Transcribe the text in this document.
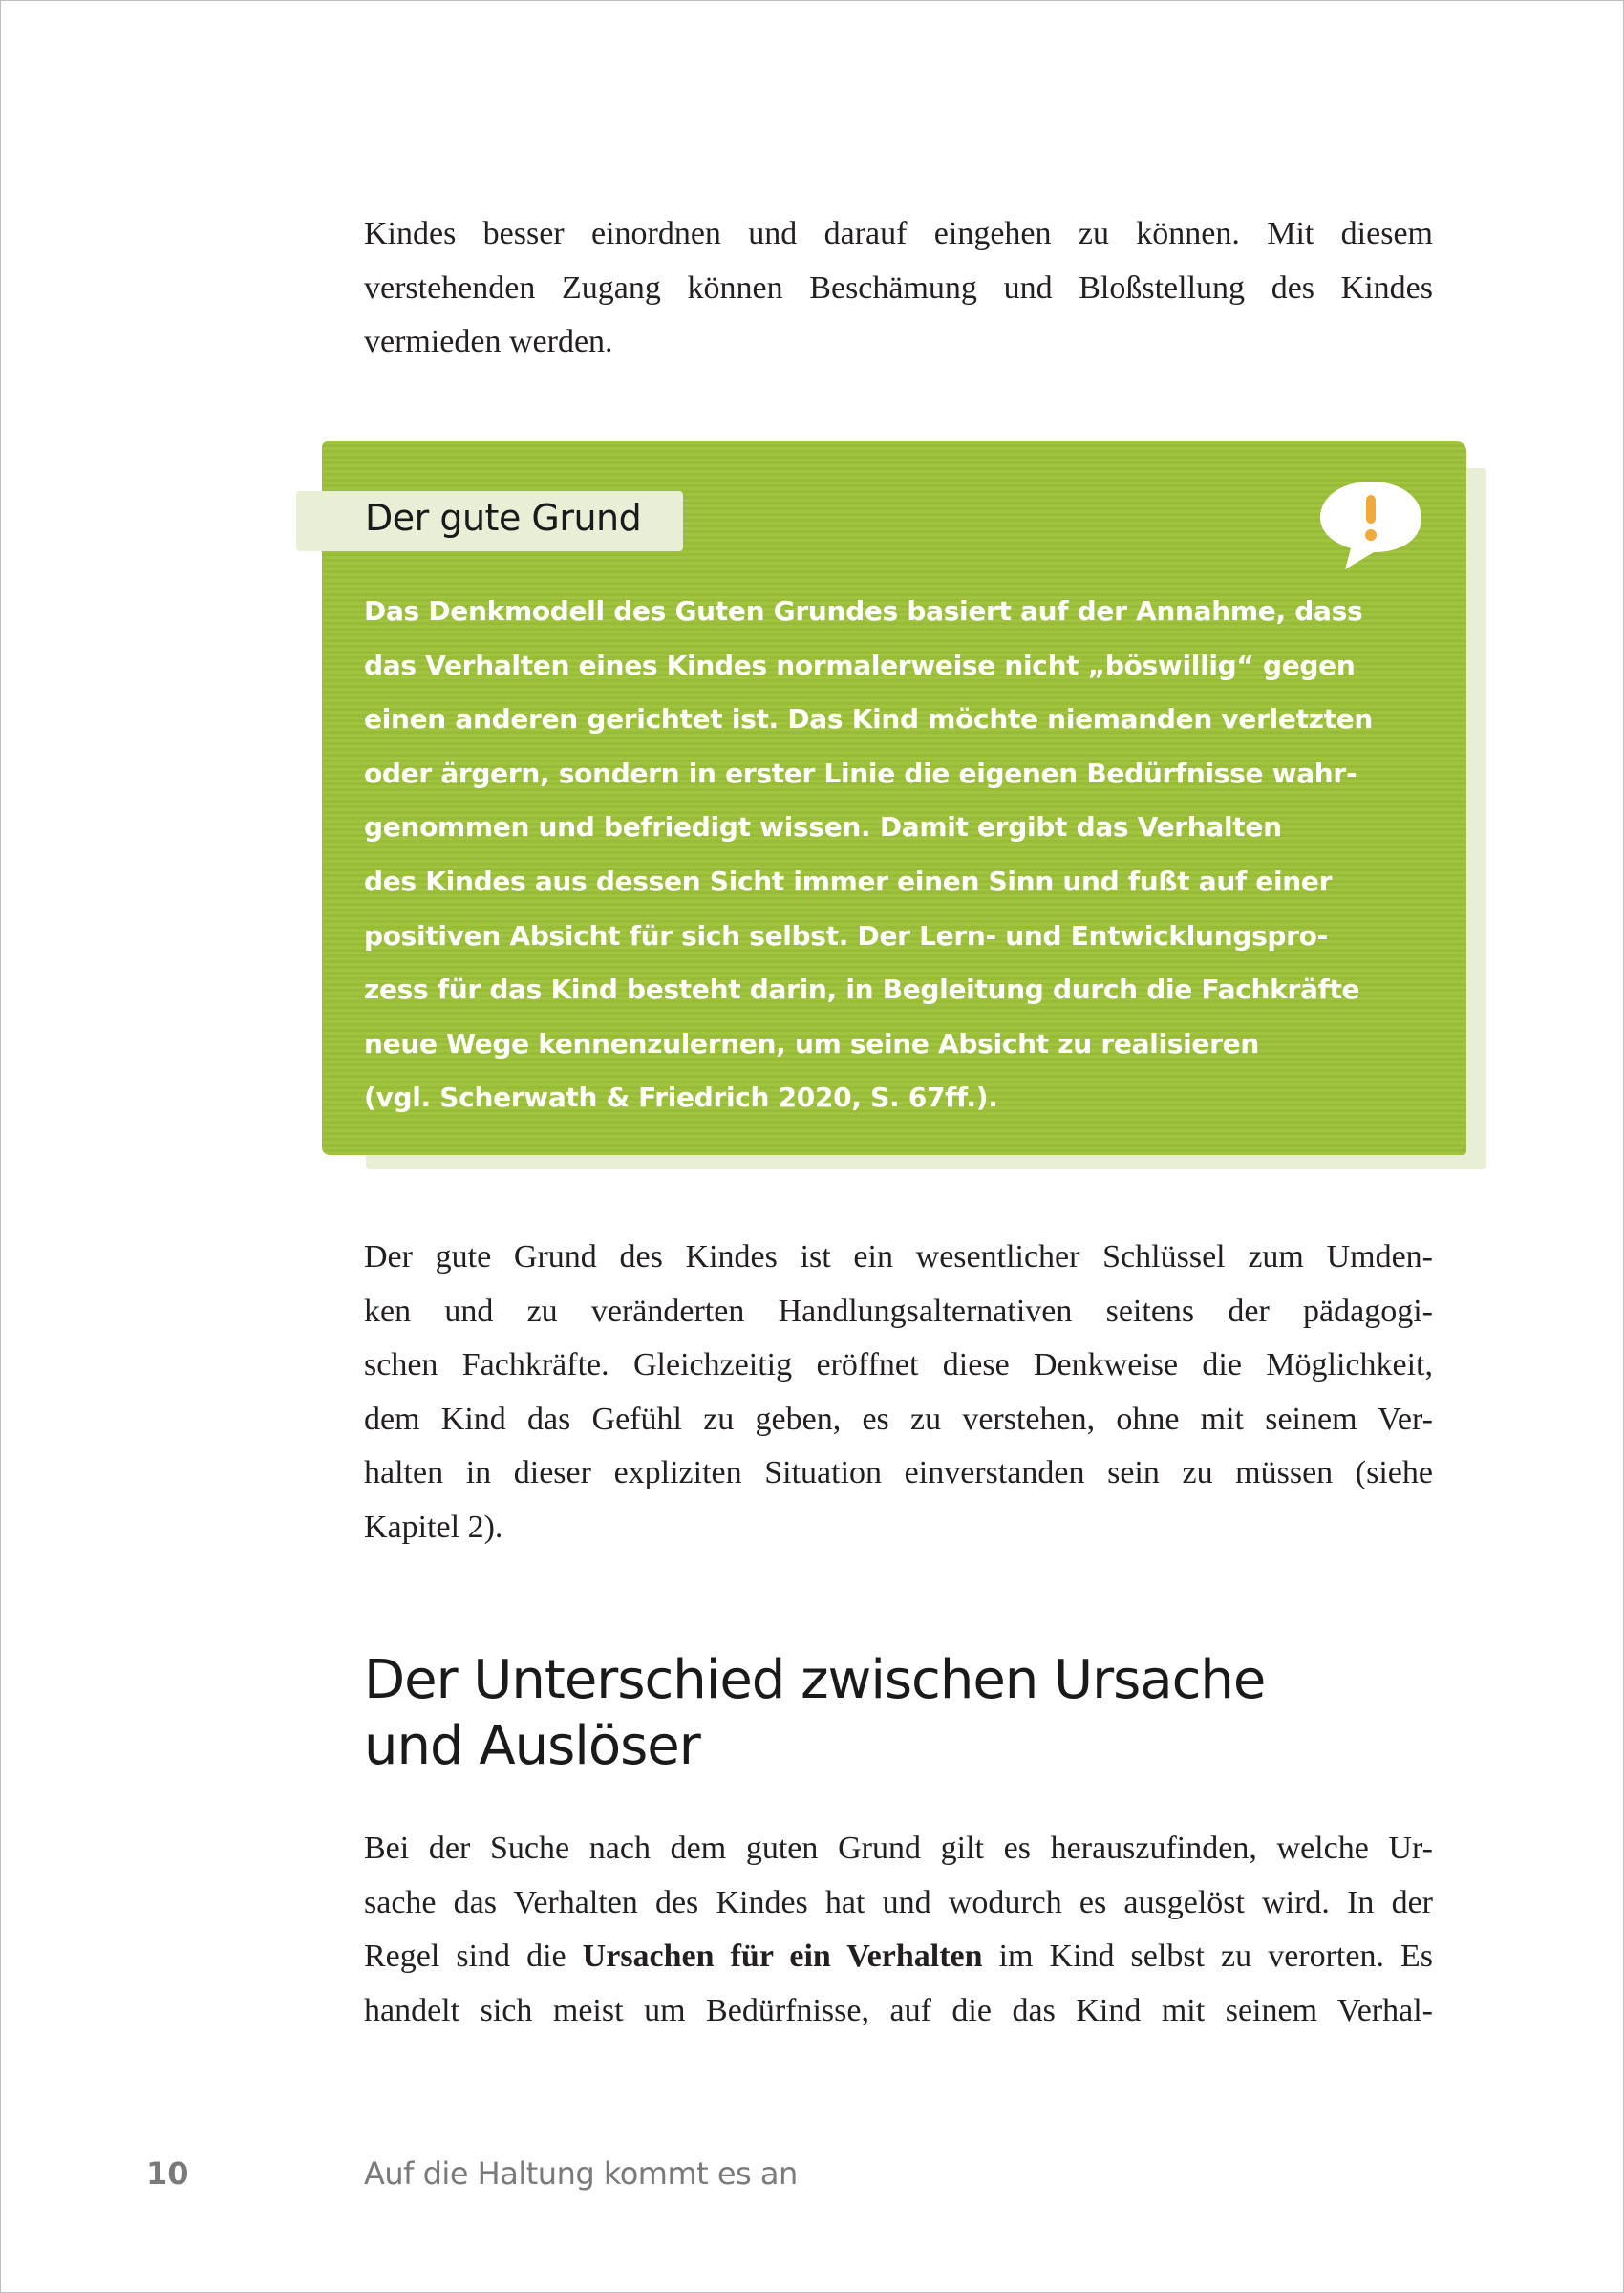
Kindes besser einordnen und darauf eingehen zu können. Mit diesem
verstehenden Zugang können Beschämung und Bloßstellung des Kindes
vermieden werden.
Der gute Grund
Das Denkmodell des Guten Grundes basiert auf der Annahme, dass
das Verhalten eines Kindes normalerweise nicht „böswillig“ gegen
einen anderen gerichtet ist. Das Kind möchte niemanden verletzten
oder ärgern, sondern in erster Linie die eigenen Bedürfnisse wahr-
genommen und befriedigt wissen. Damit ergibt das Verhalten
des Kindes aus dessen Sicht immer einen Sinn und fußt auf einer
positiven Absicht für sich selbst. Der Lern- und Entwicklungspro-
zess für das Kind besteht darin, in Begleitung durch die Fachkräfte
neue Wege kennenzulernen, um seine Absicht zu realisieren
(vgl. Scherwath & Friedrich 2020, S. 67ff.).
Der gute Grund des Kindes ist ein wesentlicher Schlüssel zum Umden-
ken und zu veränderten Handlungsalternativen seitens der pädagogi-
schen Fachkräfte. Gleichzeitig eröffnet diese Denkweise die Möglichkeit,
dem Kind das Gefühl zu geben, es zu verstehen, ohne mit seinem Ver-
halten in dieser expliziten Situation einverstanden sein zu müssen (siehe
Kapitel 2).
Der Unterschied zwischen Ursache
und Auslöser
Bei der Suche nach dem guten Grund gilt es herauszufinden, welche Ur-
sache das Verhalten des Kindes hat und wodurch es ausgelöst wird. In der
Regel sind die Ursachen für ein Verhalten im Kind selbst zu verorten. Es
handelt sich meist um Bedürfnisse, auf die das Kind mit seinem Verhal-
10	Auf die Haltung kommt es an
